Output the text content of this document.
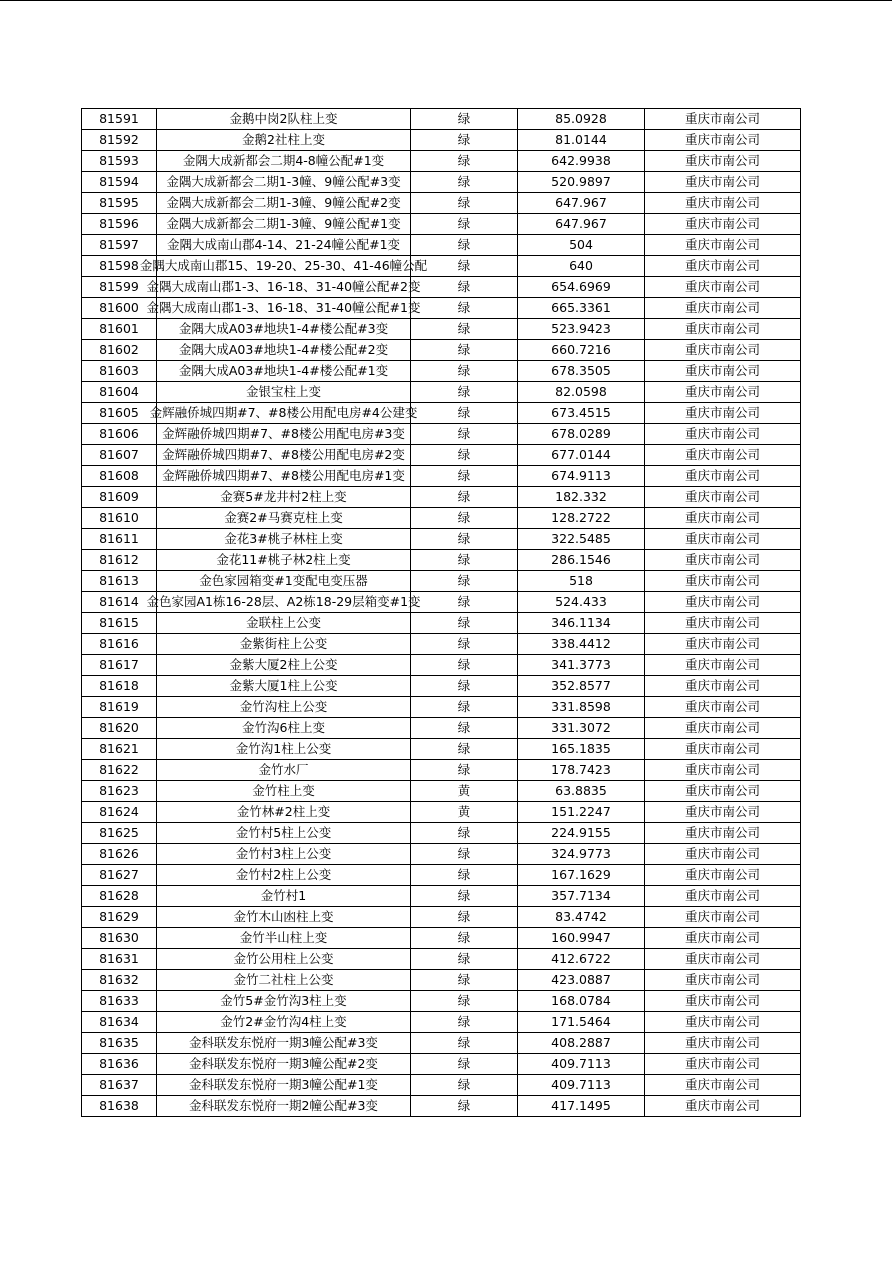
81591	金鹅中岗2队柱上变	绿	85.0928	重庆市南公司
81592	金鹅2社柱上变	绿	81.0144	重庆市南公司
81593	金隅大成新都会二期4-8幢公配#1变	绿	642.9938	重庆市南公司
81594	金隅大成新都会二期1-3幢、9幢公配#3变	绿	520.9897	重庆市南公司
81595	金隅大成新都会二期1-3幢、9幢公配#2变	绿	647.967	重庆市南公司
81596	金隅大成新都会二期1-3幢、9幢公配#1变	绿	647.967	重庆市南公司
81597	金隅大成南山郡4-14、21-24幢公配#1变	绿	504	重庆市南公司
81598	金隅大成南山郡15、19-20、25-30、41-46幢公配	绿	640	重庆市南公司
81599	金隅大成南山郡1-3、16-18、31-40幢公配#2变	绿	654.6969	重庆市南公司
81600	金隅大成南山郡1-3、16-18、31-40幢公配#1变	绿	665.3361	重庆市南公司
81601	金隅大成A03#地块1-4#楼公配#3变	绿	523.9423	重庆市南公司
81602	金隅大成A03#地块1-4#楼公配#2变	绿	660.7216	重庆市南公司
81603	金隅大成A03#地块1-4#楼公配#1变	绿	678.3505	重庆市南公司
81604	金银宝柱上变	绿	82.0598	重庆市南公司
81605	金辉融侨城四期#7、#8楼公用配电房#4公建变	绿	673.4515	重庆市南公司
81606	金辉融侨城四期#7、#8楼公用配电房#3变	绿	678.0289	重庆市南公司
81607	金辉融侨城四期#7、#8楼公用配电房#2变	绿	677.0144	重庆市南公司
81608	金辉融侨城四期#7、#8楼公用配电房#1变	绿	674.9113	重庆市南公司
81609	金赛5#龙井村2柱上变	绿	182.332	重庆市南公司
81610	金赛2#马赛克柱上变	绿	128.2722	重庆市南公司
81611	金花3#桃子林柱上变	绿	322.5485	重庆市南公司
81612	金花11#桃子林2柱上变	绿	286.1546	重庆市南公司
81613	金色家园箱变#1变配电变压器	绿	518	重庆市南公司
81614	金色家园A1栋16-28层、A2栋18-29层箱变#1变	绿	524.433	重庆市南公司
81615	金联柱上公变	绿	346.1134	重庆市南公司
81616	金紫街柱上公变	绿	338.4412	重庆市南公司
81617	金紫大厦2柱上公变	绿	341.3773	重庆市南公司
81618	金紫大厦1柱上公变	绿	352.8577	重庆市南公司
81619	金竹沟柱上公变	绿	331.8598	重庆市南公司
81620	金竹沟6柱上变	绿	331.3072	重庆市南公司
81621	金竹沟1柱上公变	绿	165.1835	重庆市南公司
81622	金竹水厂	绿	178.7423	重庆市南公司
81623	金竹柱上变	黄	63.8835	重庆市南公司
81624	金竹林#2柱上变	黄	151.2247	重庆市南公司
81625	金竹村5柱上公变	绿	224.9155	重庆市南公司
81626	金竹村3柱上公变	绿	324.9773	重庆市南公司
81627	金竹村2柱上公变	绿	167.1629	重庆市南公司
81628	金竹村1	绿	357.7134	重庆市南公司
81629	金竹木山凼柱上变	绿	83.4742	重庆市南公司
81630	金竹半山柱上变	绿	160.9947	重庆市南公司
81631	金竹公用柱上公变	绿	412.6722	重庆市南公司
81632	金竹二社柱上公变	绿	423.0887	重庆市南公司
81633	金竹5#金竹沟3柱上变	绿	168.0784	重庆市南公司
81634	金竹2#金竹沟4柱上变	绿	171.5464	重庆市南公司
81635	金科联发东悦府一期3幢公配#3变	绿	408.2887	重庆市南公司
81636	金科联发东悦府一期3幢公配#2变	绿	409.7113	重庆市南公司
81637	金科联发东悦府一期3幢公配#1变	绿	409.7113	重庆市南公司
81638	金科联发东悦府一期2幢公配#3变	绿	417.1495	重庆市南公司
